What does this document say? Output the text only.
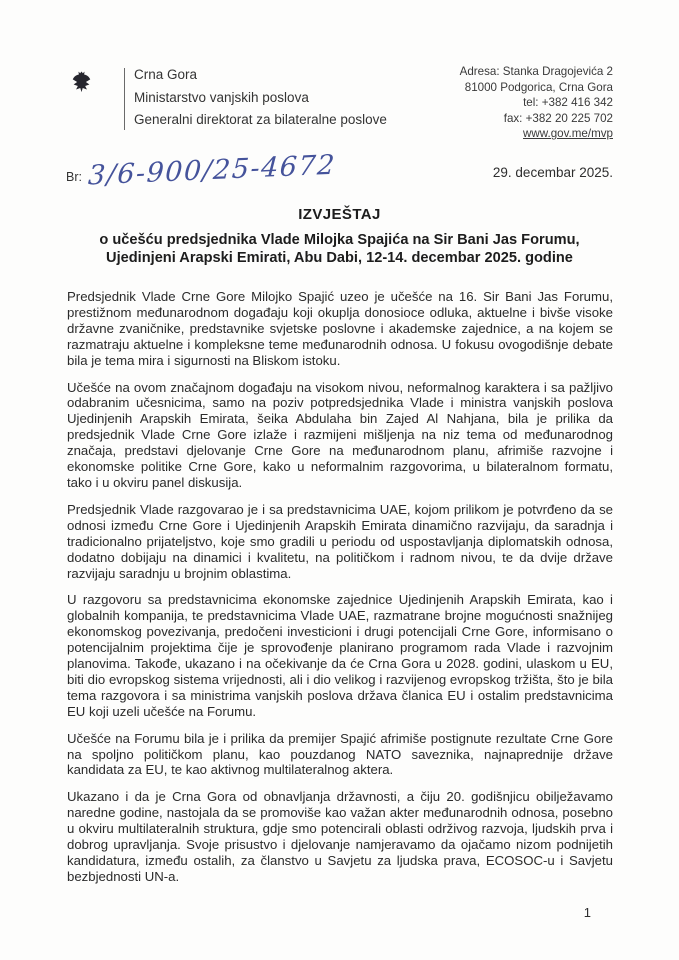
Crna Gora
Ministarstvo vanjskih poslova
Generalni direktorat za bilateralne poslove
Adresa: Stanka Dragojevića 2
81000 Podgorica, Crna Gora
tel: +382 416 342
fax: +382 20 225 702
www.gov.me/mvp
Br: 3/6-900/25-4672	29. decembar 2025.
IZVJEŠTAJ
o učešću predsjednika Vlade Milojka Spajića na Sir Bani Jas Forumu,
Ujedinjeni Arapski Emirati, Abu Dabi, 12-14. decembar 2025. godine

Predsjednik Vlade Crne Gore Milojko Spajić uzeo je učešće na 16. Sir Bani Jas Forumu, prestižnom međunarodnom događaju koji okuplja donosioce odluka, aktuelne i bivše visoke državne zvaničnike, predstavnike svjetske poslovne i akademske zajednice, a na kojem se razmatraju aktuelne i kompleksne teme međunarodnih odnosa. U fokusu ovogodišnje debate bila je tema mira i sigurnosti na Bliskom istoku.

Učešće na ovom značajnom događaju na visokom nivou, neformalnog karaktera i sa pažljivo odabranim učesnicima, samo na poziv potpredsjednika Vlade i ministra vanjskih poslova Ujedinjenih Arapskih Emirata, šeika Abdulaha bin Zajed Al Nahjana, bila je prilika da predsjednik Vlade Crne Gore izlaže i razmijeni mišljenja na niz tema od međunarodnog značaja, predstavi djelovanje Crne Gore na međunarodnom planu, afrimiše razvojne i ekonomske politike Crne Gore, kako u neformalnim razgovorima, u bilateralnom formatu, tako i u okviru panel diskusija.

Predsjednik Vlade razgovarao je i sa predstavnicima UAE, kojom prilikom je potvrđeno da se odnosi između Crne Gore i Ujedinjenih Arapskih Emirata dinamično razvijaju, da saradnja i tradicionalno prijateljstvo, koje smo gradili u periodu od uspostavljanja diplomatskih odnosa, dodatno dobijaju na dinamici i kvalitetu, na političkom i radnom nivou, te da dvije države razvijaju saradnju u brojnim oblastima.

U razgovoru sa predstavnicima ekonomske zajednice Ujedinjenih Arapskih Emirata, kao i globalnih kompanija, te predstavnicima Vlade UAE, razmatrane brojne mogućnosti snažnijeg ekonomskog povezivanja, predočeni investicioni i drugi potencijali Crne Gore, informisano o potencijalnim projektima čije je sprovođenje planirano programom rada Vlade i razvojnim planovima. Takođe, ukazano i na očekivanje da će Crna Gora u 2028. godini, ulaskom u EU, biti dio evropskog sistema vrijednosti, ali i dio velikog i razvijenog evropskog tržišta, što je bila tema razgovora i sa ministrima vanjskih poslova država članica EU i ostalim predstavnicima EU koji uzeli učešće na Forumu.

Učešće na Forumu bila je i prilika da premijer Spajić afrimiše postignute rezultate Crne Gore na spoljno političkom planu, kao pouzdanog NATO saveznika, najnaprednije države kandidata za EU, te kao aktivnog multilateralnog aktera.

Ukazano i da je Crna Gora od obnavljanja državnosti, a čiju 20. godišnjicu obilježavamo naredne godine, nastojala da se promoviše kao važan akter međunarodnih odnosa, posebno u okviru multilateralnih struktura, gdje smo potencirali oblasti održivog razvoja, ljudskih prva i dobrog upravljanja. Svoje prisustvo i djelovanje namjeravamo da ojačamo nizom podnijetih kandidatura, između ostalih, za članstvo u Savjetu za ljudska prava, ECOSOC-u i Savjetu bezbjednosti UN-a.

1
